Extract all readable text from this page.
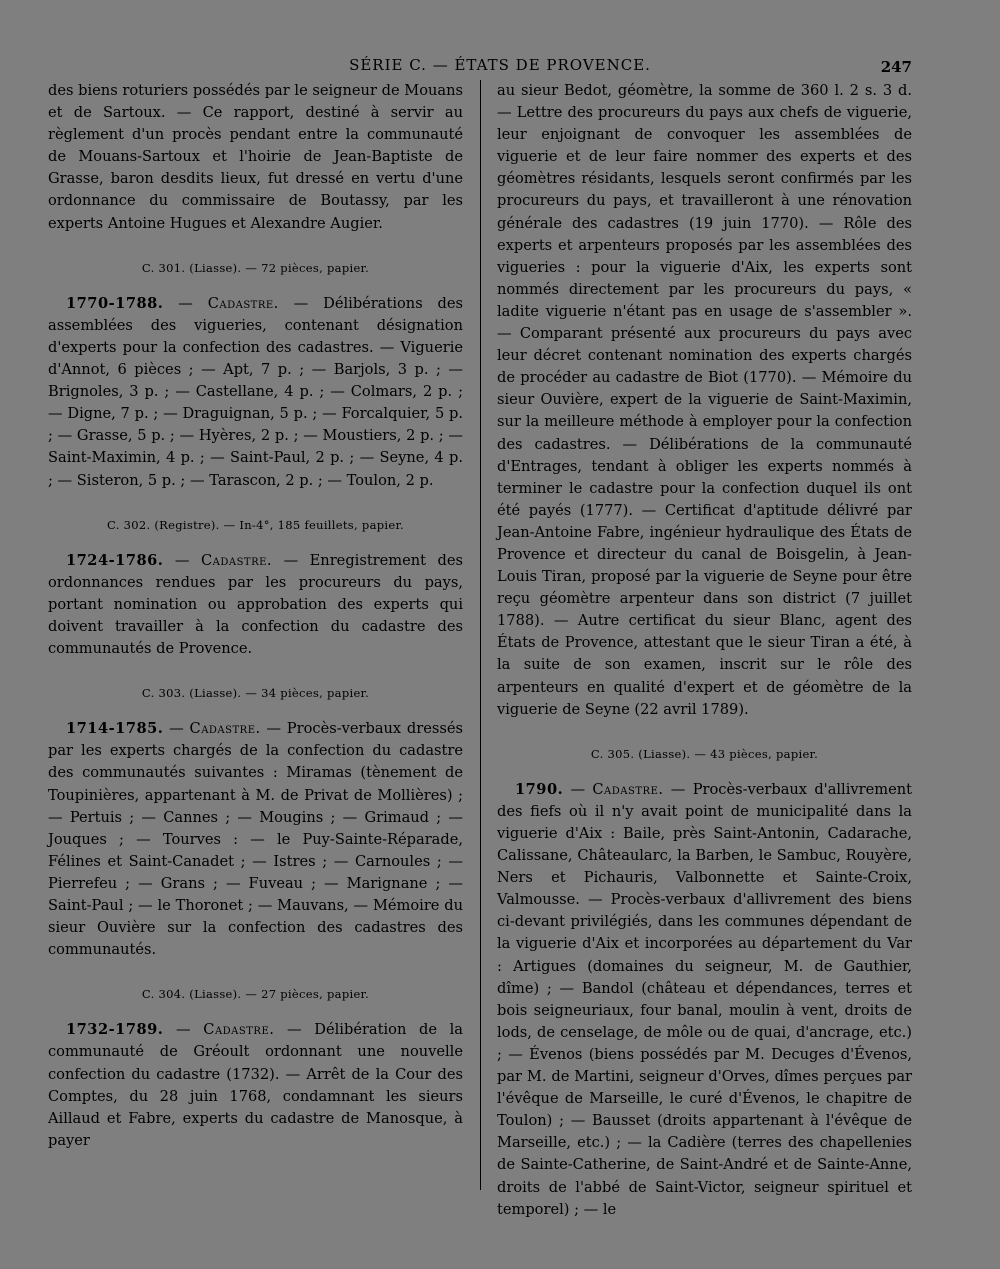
SÉRIE C. — ÉTATS DE PROVENCE.	247

des biens roturiers possédés par le seigneur de Mouans et de Sartoux. — Ce rapport, destiné à servir au règlement d'un procès pendant entre la communauté de Mouans-Sartoux et l'hoirie de Jean-Baptiste de Grasse, baron desdits lieux, fut dressé en vertu d'une ordonnance du commissaire de Boutassy, par les experts Antoine Hugues et Alexandre Augier.

C. 301. (Liasse). — 72 pièces, papier.

1770-1788. — Cadastre. — Délibérations des assemblées des vigueries, contenant désignation d'experts pour la confection des cadastres. — Viguerie d'Annot, 6 pièces ; — Apt, 7 p. ; — Barjols, 3 p. ; — Brignoles, 3 p. ; — Castellane, 4 p. ; — Colmars, 2 p. ; — Digne, 7 p. ; — Draguignan, 5 p. ; — Forcalquier, 5 p. ; — Grasse, 5 p. ; — Hyères, 2 p. ; — Moustiers, 2 p. ; — Saint-Maximin, 4 p. ; — Saint-Paul, 2 p. ; — Seyne, 4 p. ; — Sisteron, 5 p. ; — Tarascon, 2 p. ; — Toulon, 2 p.

C. 302. (Registre). — In-4°, 185 feuillets, papier.

1724-1786. — Cadastre. — Enregistrement des ordonnances rendues par les procureurs du pays, portant nomination ou approbation des experts qui doivent travailler à la confection du cadastre des communautés de Provence.

C. 303. (Liasse). — 34 pièces, papier.

1714-1785. — Cadastre. — Procès-verbaux dressés par les experts chargés de la confection du cadastre des communautés suivantes : Miramas (tènement de Toupinières, appartenant à M. de Privat de Mollières) ; — Pertuis ; — Cannes ; — Mougins ; — Grimaud ; — Jouques ; — Tourves : — le Puy-Sainte-Réparade, Félines et Saint-Canadet ; — Istres ; — Carnoules ; — Pierrefeu ; — Grans ; — Fuveau ; — Marignane ; — Saint-Paul ; — le Thoronet ; — Mauvans, — Mémoire du sieur Ouvière sur la confection des cadastres des communautés.

C. 304. (Liasse). — 27 pièces, papier.

1732-1789. — Cadastre. — Délibération de la communauté de Gréoult ordonnant une nouvelle confection du cadastre (1732). — Arrêt de la Cour des Comptes, du 28 juin 1768, condamnant les sieurs Aillaud et Fabre, experts du cadastre de Manosque, à payer

au sieur Bedot, géomètre, la somme de 360 l. 2 s. 3 d. — Lettre des procureurs du pays aux chefs de viguerie, leur enjoignant de convoquer les assemblées de viguerie et de leur faire nommer des experts et des géomètres résidants, lesquels seront confirmés par les procureurs du pays, et travailleront à une rénovation générale des cadastres (19 juin 1770). — Rôle des experts et arpenteurs proposés par les assemblées des vigueries : pour la viguerie d'Aix, les experts sont nommés directement par les procureurs du pays, « ladite viguerie n'étant pas en usage de s'assembler ». — Comparant présenté aux procureurs du pays avec leur décret contenant nomination des experts chargés de procéder au cadastre de Biot (1770). — Mémoire du sieur Ouvière, expert de la viguerie de Saint-Maximin, sur la meilleure méthode à employer pour la confection des cadastres. — Délibérations de la communauté d'Entrages, tendant à obliger les experts nommés à terminer le cadastre pour la confection duquel ils ont été payés (1777). — Certificat d'aptitude délivré par Jean-Antoine Fabre, ingénieur hydraulique des États de Provence et directeur du canal de Boisgelin, à Jean-Louis Tiran, proposé par la viguerie de Seyne pour être reçu géomètre arpenteur dans son district (7 juillet 1788). — Autre certificat du sieur Blanc, agent des États de Provence, attestant que le sieur Tiran a été, à la suite de son examen, inscrit sur le rôle des arpenteurs en qualité d'expert et de géomètre de la viguerie de Seyne (22 avril 1789).

C. 305. (Liasse). — 43 pièces, papier.

1790. — Cadastre. — Procès-verbaux d'allivrement des fiefs où il n'y avait point de municipalité dans la viguerie d'Aix : Baile, près Saint-Antonin, Cadarache, Calissane, Châteaularc, la Barben, le Sambuc, Rouyère, Ners et Pichauris, Valbonnette et Sainte-Croix, Valmousse. — Procès-verbaux d'allivrement des biens ci-devant privilégiés, dans les communes dépendant de la viguerie d'Aix et incorporées au département du Var : Artigues (domaines du seigneur, M. de Gauthier, dîme) ; — Bandol (château et dépendances, terres et bois seigneuriaux, four banal, moulin à vent, droits de lods, de censelage, de môle ou de quai, d'ancrage, etc.) ; — Évenos (biens possédés par M. Decuges d'Évenos, par M. de Martini, seigneur d'Orves, dîmes perçues par l'évêque de Marseille, le curé d'Évenos, le chapitre de Toulon) ; — Bausset (droits appartenant à l'évêque de Marseille, etc.) ; — la Cadière (terres des chapellenies de Sainte-Catherine, de Saint-André et de Sainte-Anne, droits de l'abbé de Saint-Victor, seigneur spirituel et temporel) ; — le
